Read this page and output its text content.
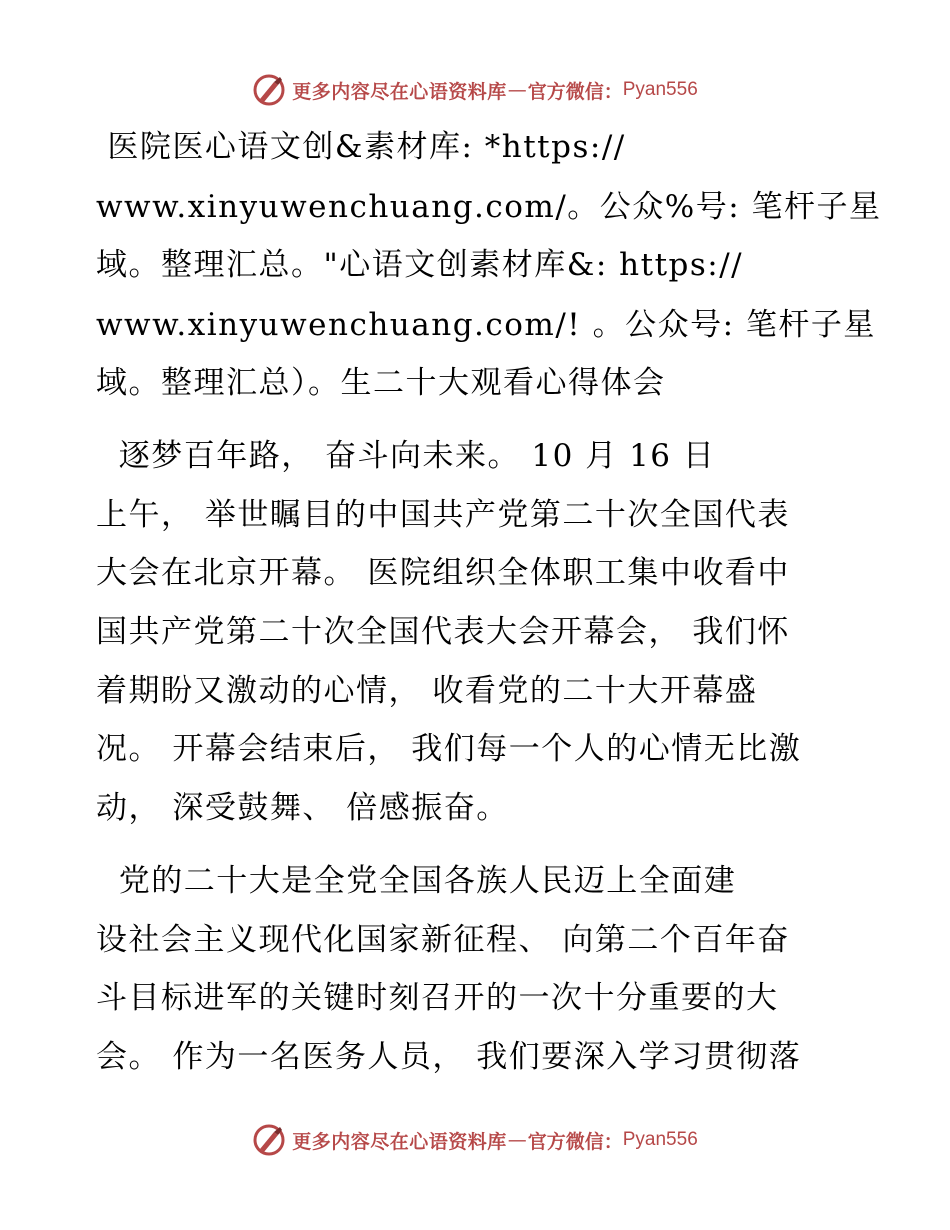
更多内容尽在心语资料库 — 官方微信： Pyan556
医院医心语文创&素材库: *https://
www.xinyuwenchuang.com/。公众%号: 笔杆子星
域。整理汇总。"心语文创素材库&: https://
www.xinyuwenchuang.com/! 。公众号: 笔杆子星
域。整理汇总）。生二十大观看心得体会
逐梦百年路， 奋斗向未来。 10 月 16 日
上午， 举世瞩目的中国共产党第二十次全国代表
大会在北京开幕。 医院组织全体职工集中收看中
国共产党第二十次全国代表大会开幕会， 我们怀
着期盼又激动的心情， 收看党的二十大开幕盛
况。 开幕会结束后， 我们每一个人的心情无比激
动， 深受鼓舞、 倍感振奋。
党的二十大是全党全国各族人民迈上全面建
设社会主义现代化国家新征程、 向第二个百年奋
斗目标进军的关键时刻召开的一次十分重要的大
会。 作为一名医务人员， 我们要深入学习贯彻落
更多内容尽在心语资料库 — 官方微信： Pyan556
